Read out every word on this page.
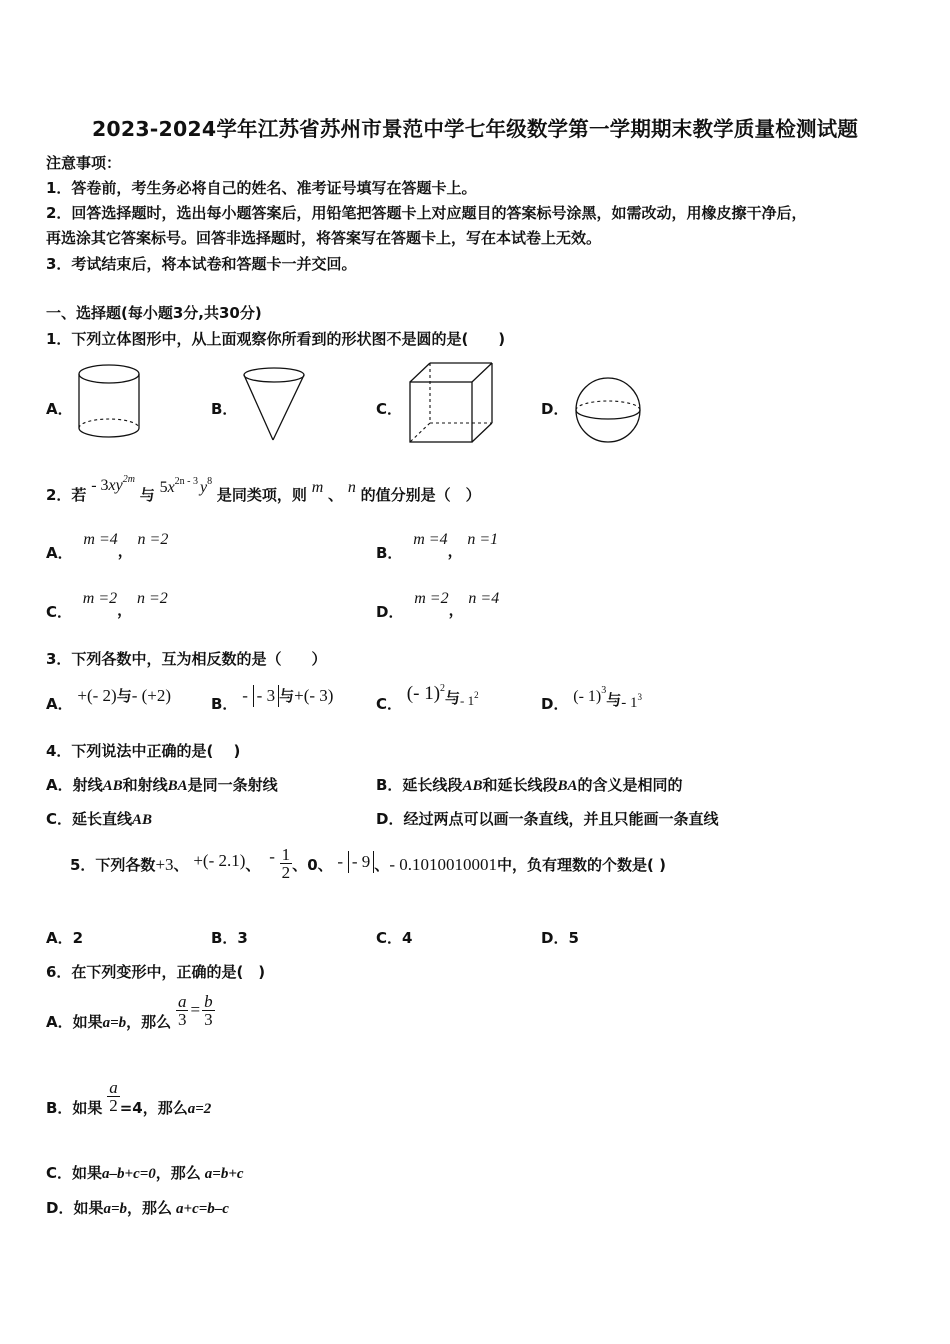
2023-2024学年江苏省苏州市景范中学七年级数学第一学期期末教学质量检测试题
注意事项：
1．答卷前，考生务必将自己的姓名、准考证号填写在答题卡上。
2．回答选择题时，选出每小题答案后，用铅笔把答题卡上对应题目的答案标号涂黑，如需改动，用橡皮擦干净后，
再选涂其它答案标号。回答非选择题时，将答案写在答题卡上，写在本试卷上无效。
3．考试结束后，将本试卷和答题卡一并交回。
一、选择题(每小题3分,共30分)
1．下列立体图形中，从上面观察你所看到的形状图不是圆的是(　　)
A．	B．	C．	D．
2．若 - $3xy^{2m}$ 与 $5x^{2n - 3}$ $y^8$ 是同类项，则 m 、 n 的值分别是（　）
A． m =4， n =2
B． m =4， n =1
C． m =2， n =2
D． m =2， n =4
3．下列各数中，互为相反数的是（　　）
A． +(- 2)与- (+2)	B． - - 3 与+(- 3)	C． (- 1)$^2$与- 12	D． (- 1)$^3$与- 13
4．下列说法中正确的是(　 )
A．射线AB和射线BA是同一条射线	B．延长线段AB和延长线段BA的含义是相同的
C．延长直线AB	D．经过两点可以画一条直线，并且只能画一条直线
5．下列各数+3、 +(- 2.1)、 - $\frac{1}{2}$ 、0、 - - 9 、- 0.1010010001中，负有理数的个数是( )
A．2	B．3	C．4	D．5
6．在下列变形中，正确的是(　)
A．如果a=b，那么 $\frac{a}{3} = \frac{b}{3}$
B．如果 $\frac{a}{2} =4$，那么a=2
C．如果a–b+c=0，那么 a=b+c
D．如果a=b，那么 a+c=b–c
